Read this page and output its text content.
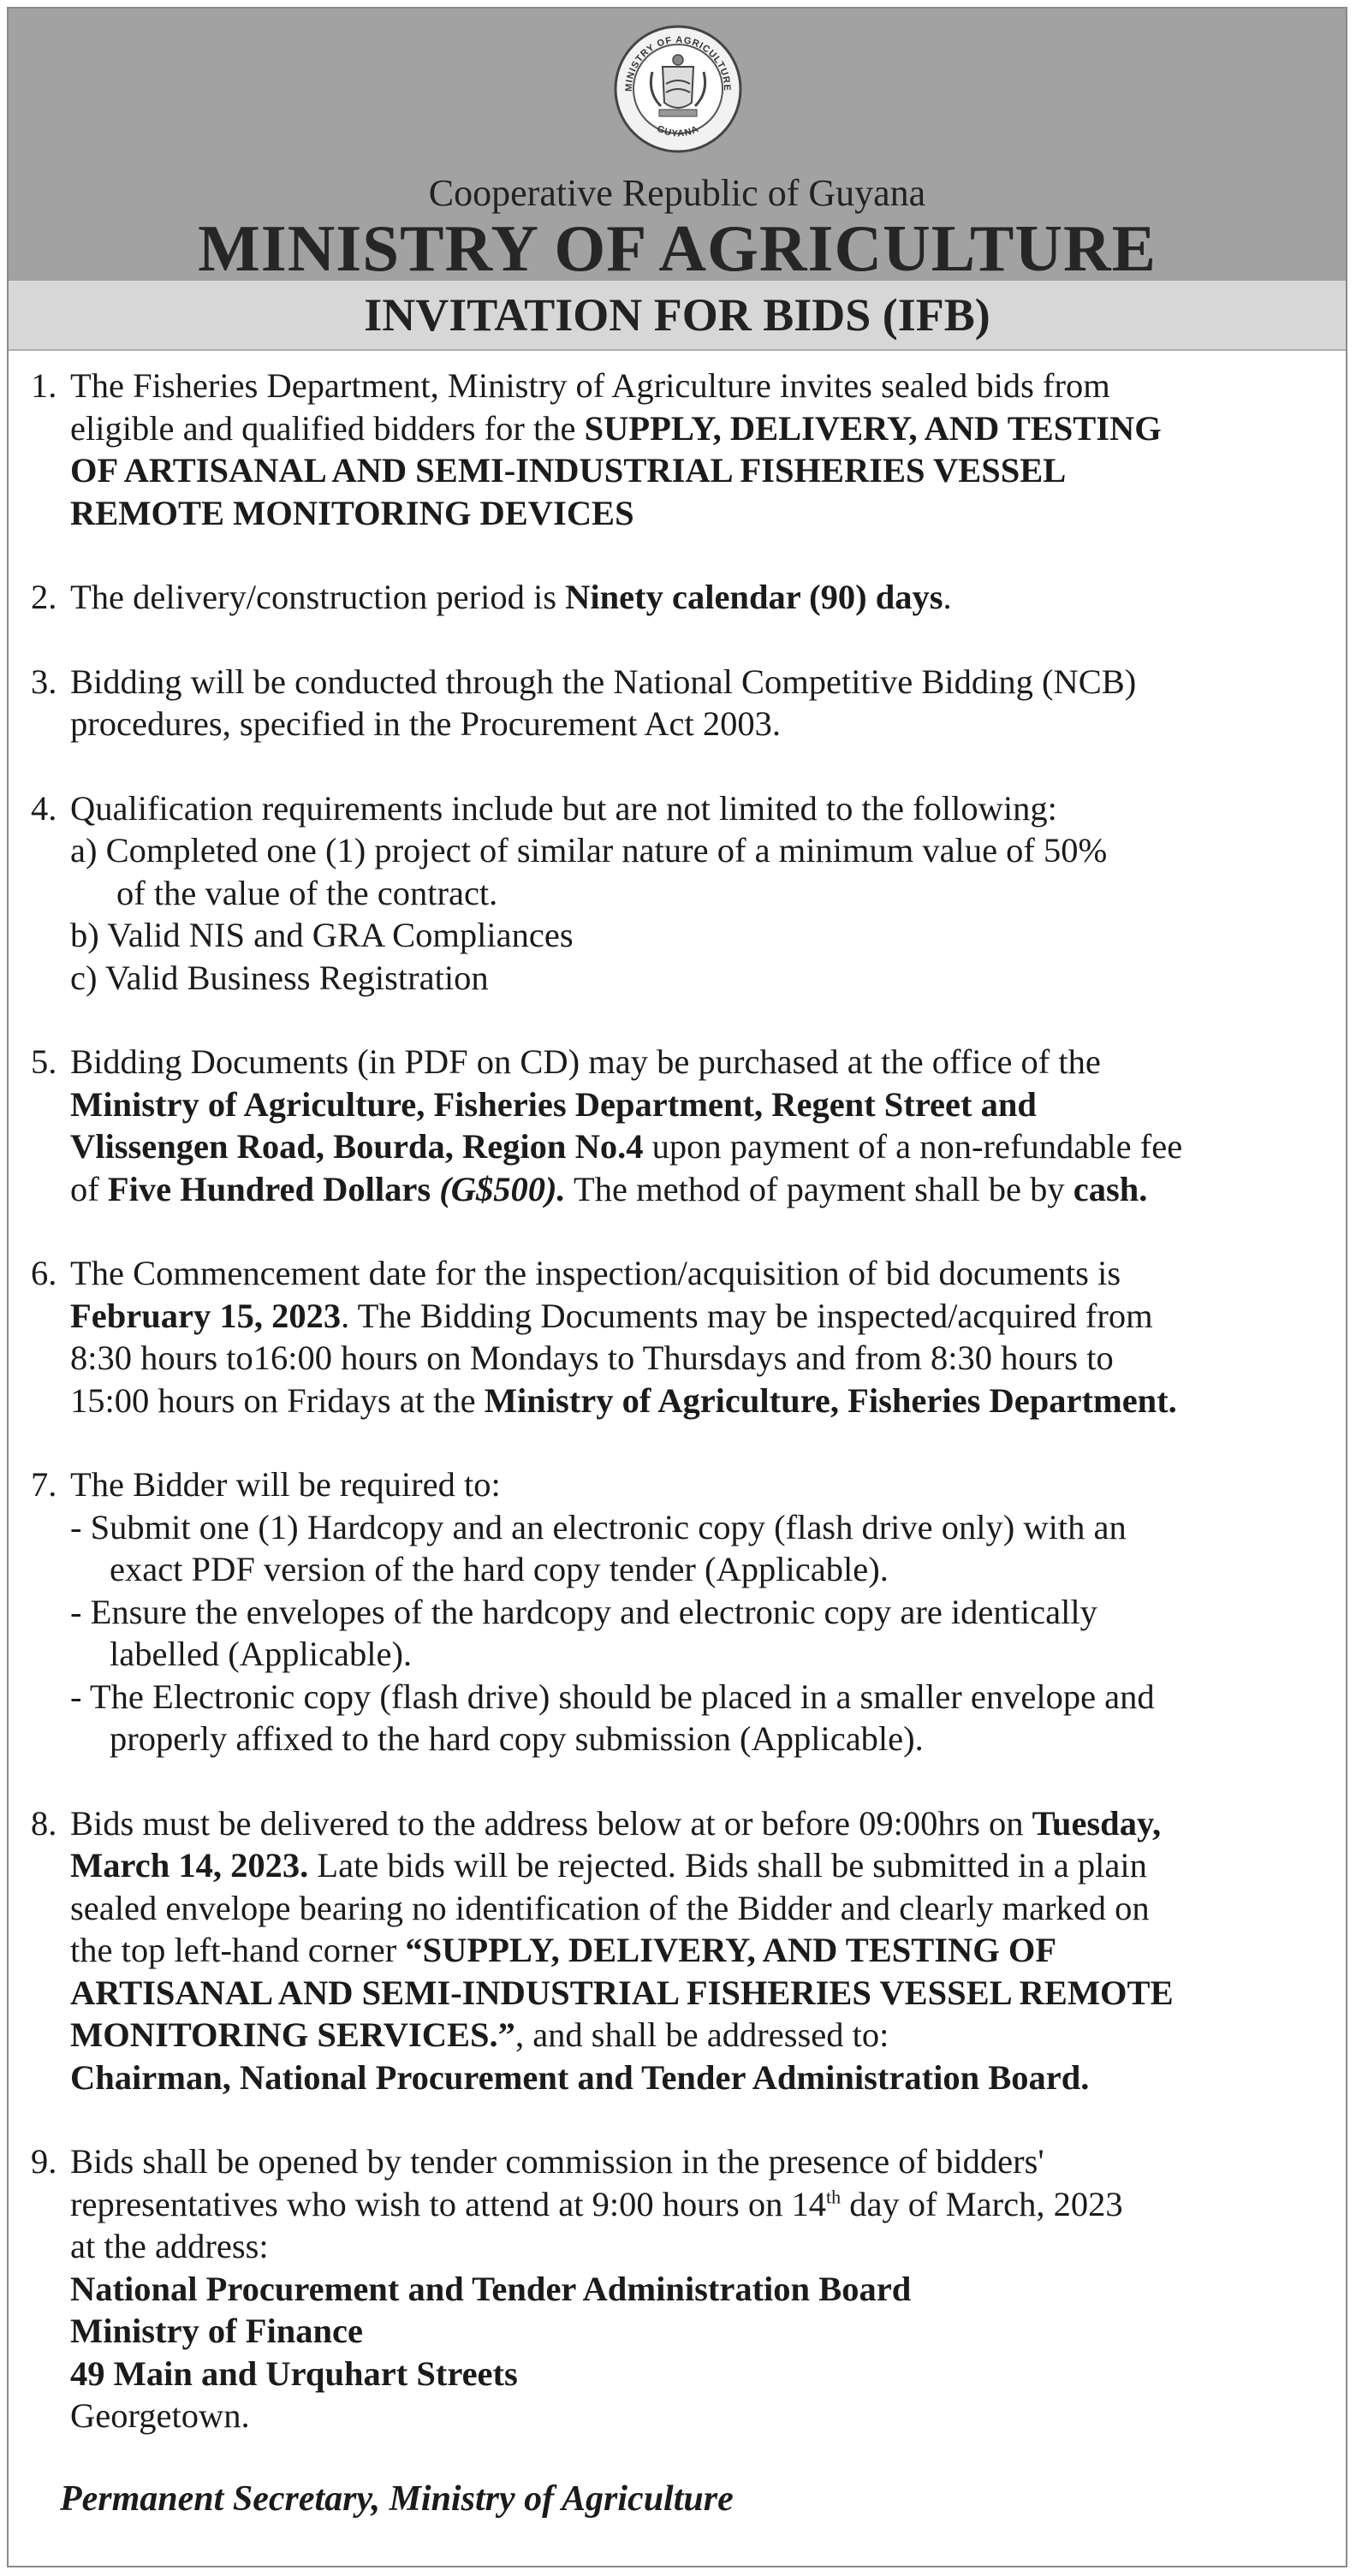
MINISTRY OF AGRICULTURE
GUYANA
Cooperative Republic of Guyana
MINISTRY OF AGRICULTURE
INVITATION FOR BIDS (IFB)
1. The Fisheries Department, Ministry of Agriculture invites sealed bids from
eligible and qualified bidders for the SUPPLY, DELIVERY, AND TESTING
OF ARTISANAL AND SEMI-INDUSTRIAL FISHERIES VESSEL
REMOTE MONITORING DEVICES
2. The delivery/construction period is Ninety calendar (90) days.
3. Bidding will be conducted through the National Competitive Bidding (NCB)
procedures, specified in the Procurement Act 2003.
4. Qualification requirements include but are not limited to the following:
a) Completed one (1) project of similar nature of a minimum value of 50%
of the value of the contract.
b) Valid NIS and GRA Compliances
c) Valid Business Registration
5. Bidding Documents (in PDF on CD) may be purchased at the office of the
Ministry of Agriculture, Fisheries Department, Regent Street and
Vlissengen Road, Bourda, Region No.4 upon payment of a non-refundable fee
of Five Hundred Dollars (G$500). The method of payment shall be by cash.
6. The Commencement date for the inspection/acquisition of bid documents is
February 15, 2023. The Bidding Documents may be inspected/acquired from
8:30 hours to16:00 hours on Mondays to Thursdays and from 8:30 hours to
15:00 hours on Fridays at the Ministry of Agriculture, Fisheries Department.
7. The Bidder will be required to:
- Submit one (1) Hardcopy and an electronic copy (flash drive only) with an
exact PDF version of the hard copy tender (Applicable).
- Ensure the envelopes of the hardcopy and electronic copy are identically
labelled (Applicable).
- The Electronic copy (flash drive) should be placed in a smaller envelope and
properly affixed to the hard copy submission (Applicable).
8. Bids must be delivered to the address below at or before 09:00hrs on Tuesday,
March 14, 2023. Late bids will be rejected. Bids shall be submitted in a plain
sealed envelope bearing no identification of the Bidder and clearly marked on
the top left-hand corner “SUPPLY, DELIVERY, AND TESTING OF
ARTISANAL AND SEMI-INDUSTRIAL FISHERIES VESSEL REMOTE
MONITORING SERVICES.”, and shall be addressed to:
Chairman, National Procurement and Tender Administration Board.
9. Bids shall be opened by tender commission in the presence of bidders'
representatives who wish to attend at 9:00 hours on 14th day of March, 2023
at the address:
National Procurement and Tender Administration Board
Ministry of Finance
49 Main and Urquhart Streets
Georgetown.
Permanent Secretary, Ministry of Agriculture
